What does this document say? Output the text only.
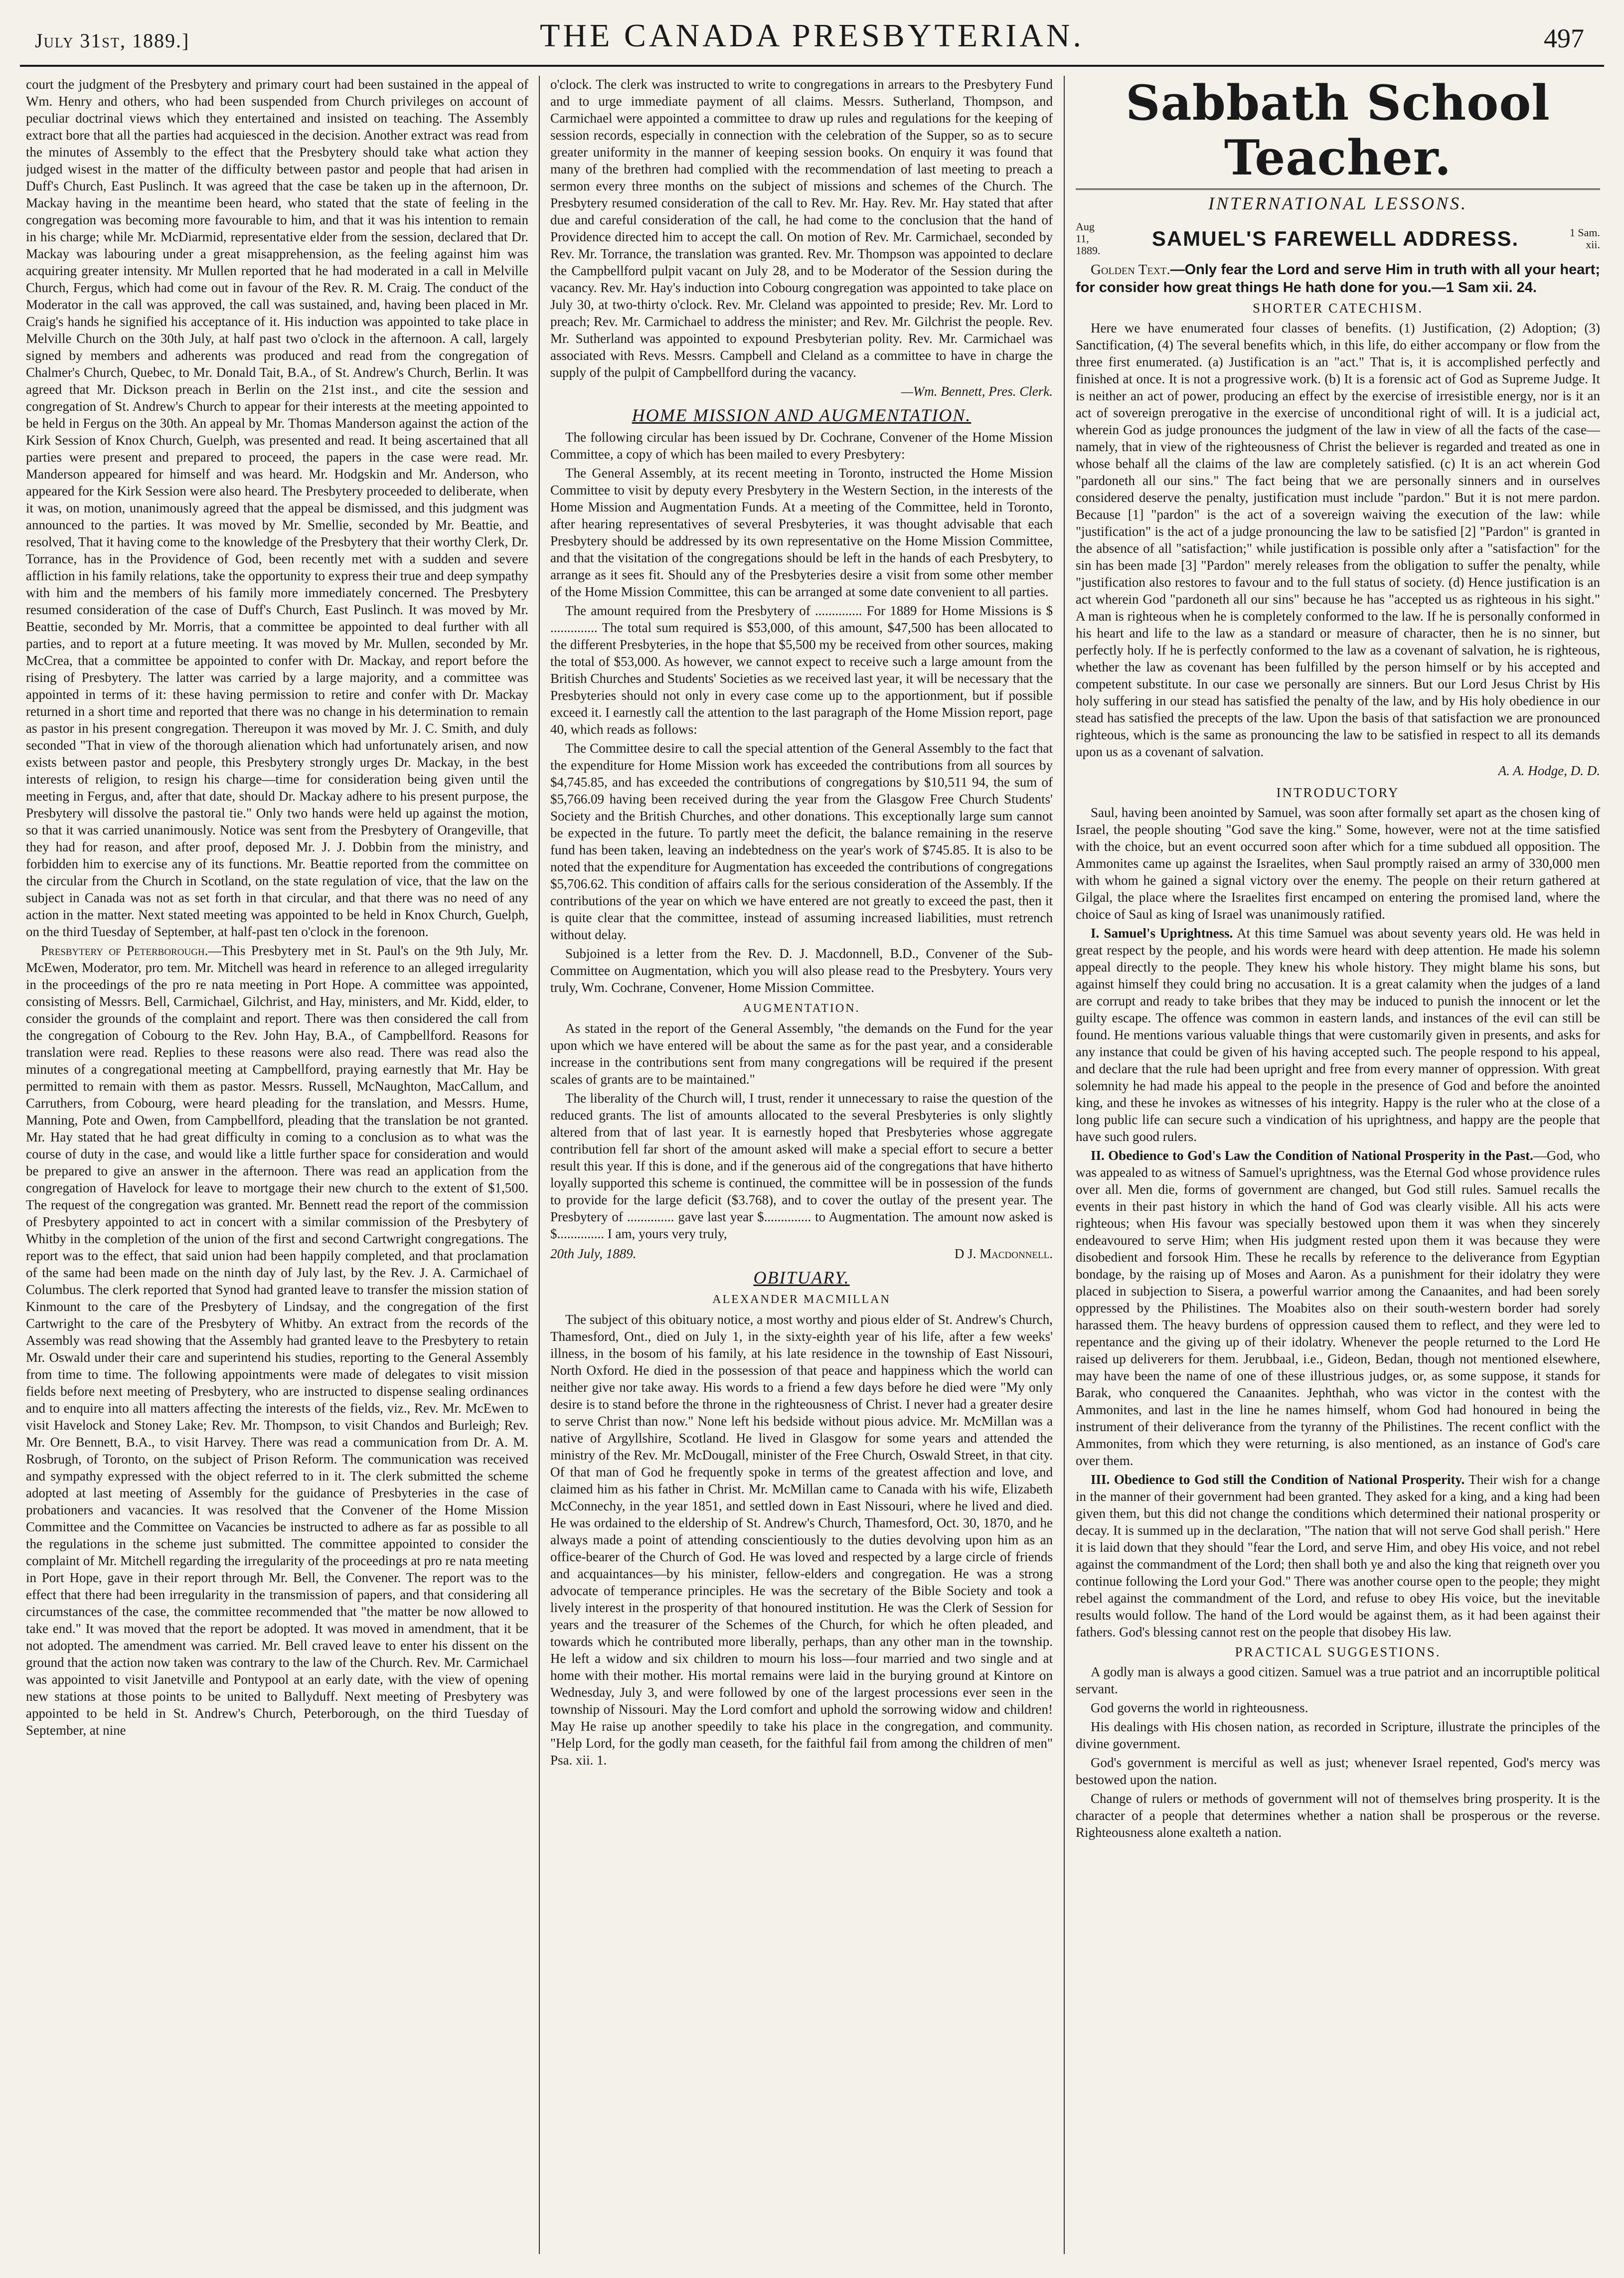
July 31st, 1889.]	THE CANADA PRESBYTERIAN.	497

court the judgment of the Presbytery and primary court had been sustained in the appeal of Wm. Henry and others, who had been suspended from Church privileges on account of peculiar doctrinal views which they entertained and insisted on teaching. The Assembly extract bore that all the parties had acquiesced in the decision. Another extract was read from the minutes of Assembly to the effect that the Presbytery should take what action they judged wisest in the matter of the difficulty between pastor and people that had arisen in Duff's Church, East Puslinch. It was agreed that the case be taken up in the afternoon, Dr. Mackay having in the meantime been heard, who stated that the state of feeling in the congregation was becoming more favourable to him, and that it was his intention to remain in his charge; while Mr. McDiarmid, representative elder from the session, declared that Dr. Mackay was labouring under a great misapprehension, as the feeling against him was acquiring greater intensity. Mr Mullen reported that he had moderated in a call in Melville Church, Fergus, which had come out in favour of the Rev. R. M. Craig. The conduct of the Moderator in the call was approved, the call was sustained, and, having been placed in Mr. Craig's hands he signified his acceptance of it. His induction was appointed to take place in Melville Church on the 30th July, at half past two o'clock in the afternoon. A call, largely signed by members and adherents was produced and read from the congregation of Chalmer's Church, Quebec, to Mr. Donald Tait, B.A., of St. Andrew's Church, Berlin. It was agreed that Mr. Dickson preach in Berlin on the 21st inst., and cite the session and congregation of St. Andrew's Church to appear for their interests at the meeting appointed to be held in Fergus on the 30th. An appeal by Mr. Thomas Manderson against the action of the Kirk Session of Knox Church, Guelph, was presented and read. It being ascertained that all parties were present and prepared to proceed, the papers in the case were read. Mr. Manderson appeared for himself and was heard. Mr. Hodgskin and Mr. Anderson, who appeared for the Kirk Session were also heard. The Presbytery proceeded to deliberate, when it was, on motion, unanimously agreed that the appeal be dismissed, and this judgment was announced to the parties. It was moved by Mr. Smellie, seconded by Mr. Beattie, and resolved, That it having come to the knowledge of the Presbytery that their worthy Clerk, Dr. Torrance, has in the Providence of God, been recently met with a sudden and severe affliction in his family relations, take the opportunity to express their true and deep sympathy with him and the members of his family more immediately concerned. The Presbytery resumed consideration of the case of Duff's Church, East Puslinch. It was moved by Mr. Beattie, seconded by Mr. Morris, that a committee be appointed to deal further with all parties, and to report at a future meeting. It was moved by Mr. Mullen, seconded by Mr. McCrea, that a committee be appointed to confer with Dr. Mackay, and report before the rising of Presbytery. The latter was carried by a large majority, and a committee was appointed in terms of it: these having permission to retire and confer with Dr. Mackay returned in a short time and reported that there was no change in his determination to remain as pastor in his present congregation. Thereupon it was moved by Mr. J. C. Smith, and duly seconded "That in view of the thorough alienation which had unfortunately arisen, and now exists between pastor and people, this Presbytery strongly urges Dr. Mackay, in the best interests of religion, to resign his charge—time for consideration being given until the meeting in Fergus, and, after that date, should Dr. Mackay adhere to his present purpose, the Presbytery will dissolve the pastoral tie." Only two hands were held up against the motion, so that it was carried unanimously. Notice was sent from the Presbytery of Orangeville, that they had for reason, and after proof, deposed Mr. J. J. Dobbin from the ministry, and forbidden him to exercise any of its functions. Mr. Beattie reported from the committee on the circular from the Church in Scotland, on the state regulation of vice, that the law on the subject in Canada was not as set forth in that circular, and that there was no need of any action in the matter. Next stated meeting was appointed to be held in Knox Church, Guelph, on the third Tuesday of September, at half-past ten o'clock in the forenoon.

Presbytery of Peterborough.—This Presbytery met in St. Paul's on the 9th July, Mr. McEwen, Moderator, pro tem. Mr. Mitchell was heard in reference to an alleged irregularity in the proceedings of the pro re nata meeting in Port Hope. A committee was appointed, consisting of Messrs. Bell, Carmichael, Gilchrist, and Hay, ministers, and Mr. Kidd, elder, to consider the grounds of the complaint and report. There was then considered the call from the congregation of Cobourg to the Rev. John Hay, B.A., of Campbellford. Reasons for translation were read. Replies to these reasons were also read. There was read also the minutes of a congregational meeting at Campbellford, praying earnestly that Mr. Hay be permitted to remain with them as pastor. Messrs. Russell, McNaughton, MacCallum, and Carruthers, from Cobourg, were heard pleading for the translation, and Messrs. Hume, Manning, Pote and Owen, from Campbellford, pleading that the translation be not granted. Mr. Hay stated that he had great difficulty in coming to a conclusion as to what was the course of duty in the case, and would like a little further space for consideration and would be prepared to give an answer in the afternoon. There was read an application from the congregation of Havelock for leave to mortgage their new church to the extent of $1,500. The request of the congregation was granted. Mr. Bennett read the report of the commission of Presbytery appointed to act in concert with a similar commission of the Presbytery of Whitby in the completion of the union of the first and second Cartwright congregations. The report was to the effect, that said union had been happily completed, and that proclamation of the same had been made on the ninth day of July last, by the Rev. J. A. Carmichael of Columbus. The clerk reported that Synod had granted leave to transfer the mission station of Kinmount to the care of the Presbytery of Lindsay, and the congregation of the first Cartwright to the care of the Presbytery of Whitby. An extract from the records of the Assembly was read showing that the Assembly had granted leave to the Presbytery to retain Mr. Oswald under their care and superintend his studies, reporting to the General Assembly from time to time. The following appointments were made of delegates to visit mission fields before next meeting of Presbytery, who are instructed to dispense sealing ordinances and to enquire into all matters affecting the interests of the fields, viz., Rev. Mr. McEwen to visit Havelock and Stoney Lake; Rev. Mr. Thompson, to visit Chandos and Burleigh; Rev. Mr. Ore Bennett, B.A., to visit Harvey. There was read a communication from Dr. A. M. Rosbrugh, of Toronto, on the subject of Prison Reform. The communication was received and sympathy expressed with the object referred to in it. The clerk submitted the scheme adopted at last meeting of Assembly for the guidance of Presbyteries in the case of probationers and vacancies. It was resolved that the Convener of the Home Mission Committee and the Committee on Vacancies be instructed to adhere as far as possible to all the regulations in the scheme just submitted. The committee appointed to consider the complaint of Mr. Mitchell regarding the irregularity of the proceedings at pro re nata meeting in Port Hope, gave in their report through Mr. Bell, the Convener. The report was to the effect that there had been irregularity in the transmission of papers, and that considering all circumstances of the case, the committee recommended that "the matter be now allowed to take end." It was moved that the report be adopted. It was moved in amendment, that it be not adopted. The amendment was carried. Mr. Bell craved leave to enter his dissent on the ground that the action now taken was contrary to the law of the Church. Rev. Mr. Carmichael was appointed to visit Janetville and Pontypool at an early date, with the view of opening new stations at those points to be united to Ballyduff. Next meeting of Presbytery was appointed to be held in St. Andrew's Church, Peterborough, on the third Tuesday of September, at nine

o'clock. The clerk was instructed to write to congregations in arrears to the Presbytery Fund and to urge immediate payment of all claims. Messrs. Sutherland, Thompson, and Carmichael were appointed a committee to draw up rules and regulations for the keeping of session records, especially in connection with the celebration of the Supper, so as to secure greater uniformity in the manner of keeping session books. On enquiry it was found that many of the brethren had complied with the recommendation of last meeting to preach a sermon every three months on the subject of missions and schemes of the Church. The Presbytery resumed consideration of the call to Rev. Mr. Hay. Rev. Mr. Hay stated that after due and careful consideration of the call, he had come to the conclusion that the hand of Providence directed him to accept the call. On motion of Rev. Mr. Carmichael, seconded by Rev. Mr. Torrance, the translation was granted. Rev. Mr. Thompson was appointed to declare the Campbellford pulpit vacant on July 28, and to be Moderator of the Session during the vacancy. Rev. Mr. Hay's induction into Cobourg congregation was appointed to take place on July 30, at two-thirty o'clock. Rev. Mr. Cleland was appointed to preside; Rev. Mr. Lord to preach; Rev. Mr. Carmichael to address the minister; and Rev. Mr. Gilchrist the people. Rev. Mr. Sutherland was appointed to expound Presbyterian polity. Rev. Mr. Carmichael was associated with Revs. Messrs. Campbell and Cleland as a committee to have in charge the supply of the pulpit of Campbellford during the vacancy.

—Wm. Bennett, Pres. Clerk.
HOME MISSION AND AUGMENTATION.

The following circular has been issued by Dr. Cochrane, Convener of the Home Mission Committee, a copy of which has been mailed to every Presbytery:

The General Assembly, at its recent meeting in Toronto, instructed the Home Mission Committee to visit by deputy every Presbytery in the Western Section, in the interests of the Home Mission and Augmentation Funds. At a meeting of the Committee, held in Toronto, after hearing representatives of several Presbyteries, it was thought advisable that each Presbytery should be addressed by its own representative on the Home Mission Committee, and that the visitation of the congregations should be left in the hands of each Presbytery, to arrange as it sees fit. Should any of the Presbyteries desire a visit from some other member of the Home Mission Committee, this can be arranged at some date convenient to all parties.

The amount required from the Presbytery of .............. For 1889 for Home Missions is $ .............. The total sum required is $53,000, of this amount, $47,500 has been allocated to the different Presbyteries, in the hope that $5,500 my be received from other sources, making the total of $53,000. As however, we cannot expect to receive such a large amount from the British Churches and Students' Societies as we received last year, it will be necessary that the Presbyteries should not only in every case come up to the apportionment, but if possible exceed it. I earnestly call the attention to the last paragraph of the Home Mission report, page 40, which reads as follows:

The Committee desire to call the special attention of the General Assembly to the fact that the expenditure for Home Mission work has exceeded the contributions from all sources by $4,745.85, and has exceeded the contributions of congregations by $10,511 94, the sum of $5,766.09 having been received during the year from the Glasgow Free Church Students' Society and the British Churches, and other donations. This exceptionally large sum cannot be expected in the future. To partly meet the deficit, the balance remaining in the reserve fund has been taken, leaving an indebtedness on the year's work of $745.85. It is also to be noted that the expenditure for Augmentation has exceeded the contributions of congregations $5,706.62. This condition of affairs calls for the serious consideration of the Assembly. If the contributions of the year on which we have entered are not greatly to exceed the past, then it is quite clear that the committee, instead of assuming increased liabilities, must retrench without delay.

Subjoined is a letter from the Rev. D. J. Macdonnell, B.D., Convener of the Sub-Committee on Augmentation, which you will also please read to the Presbytery. Yours very truly, Wm. Cochrane, Convener, Home Mission Committee.

AUGMENTATION.

As stated in the report of the General Assembly, "the demands on the Fund for the year upon which we have entered will be about the same as for the past year, and a considerable increase in the contributions sent from many congregations will be required if the present scales of grants are to be maintained."

The liberality of the Church will, I trust, render it unnecessary to raise the question of the reduced grants. The list of amounts allocated to the several Presbyteries is only slightly altered from that of last year. It is earnestly hoped that Presbyteries whose aggregate contribution fell far short of the amount asked will make a special effort to secure a better result this year. If this is done, and if the generous aid of the congregations that have hitherto loyally supported this scheme is continued, the committee will be in possession of the funds to provide for the large deficit ($3.768), and to cover the outlay of the present year. The Presbytery of .............. gave last year $.............. to Augmentation. The amount now asked is $.............. I am, yours very truly,

20th July, 1889.	D J. Macdonnell.
OBITUARY.
ALEXANDER MACMILLAN

The subject of this obituary notice, a most worthy and pious elder of St. Andrew's Church, Thamesford, Ont., died on July 1, in the sixty-eighth year of his life, after a few weeks' illness, in the bosom of his family, at his late residence in the township of East Nissouri, North Oxford. He died in the possession of that peace and happiness which the world can neither give nor take away. His words to a friend a few days before he died were "My only desire is to stand before the throne in the righteousness of Christ. I never had a greater desire to serve Christ than now." None left his bedside without pious advice. Mr. McMillan was a native of Argyllshire, Scotland. He lived in Glasgow for some years and attended the ministry of the Rev. Mr. McDougall, minister of the Free Church, Oswald Street, in that city. Of that man of God he frequently spoke in terms of the greatest affection and love, and claimed him as his father in Christ. Mr. McMillan came to Canada with his wife, Elizabeth McConnechy, in the year 1851, and settled down in East Nissouri, where he lived and died. He was ordained to the eldership of St. Andrew's Church, Thamesford, Oct. 30, 1870, and he always made a point of attending conscientiously to the duties devolving upon him as an office-bearer of the Church of God. He was loved and respected by a large circle of friends and acquaintances—by his minister, fellow-elders and congregation. He was a strong advocate of temperance principles. He was the secretary of the Bible Society and took a lively interest in the prosperity of that honoured institution. He was the Clerk of Session for years and the treasurer of the Schemes of the Church, for which he often pleaded, and towards which he contributed more liberally, perhaps, than any other man in the township. He left a widow and six children to mourn his loss—four married and two single and at home with their mother. His mortal remains were laid in the burying ground at Kintore on Wednesday, July 3, and were followed by one of the largest processions ever seen in the township of Nissouri. May the Lord comfort and uphold the sorrowing widow and children! May He raise up another speedily to take his place in the congregation, and community. "Help Lord, for the godly man ceaseth, for the faithful fail from among the children of men" Psa. xii. 1.

Sabbath School Teacher.
INTERNATIONAL LESSONS.
Aug 11, 1889.
SAMUEL'S FAREWELL ADDRESS.	1 Sam. xii.

Golden Text.—Only fear the Lord and serve Him in truth with all your heart; for consider how great things He hath done for you.—1 Sam xii. 24.

SHORTER CATECHISM.

Here we have enumerated four classes of benefits. (1) Justification, (2) Adoption; (3) Sanctification, (4) The several benefits which, in this life, do either accompany or flow from the three first enumerated. (a) Justification is an "act." That is, it is accomplished perfectly and finished at once. It is not a progressive work. (b) It is a forensic act of God as Supreme Judge. It is neither an act of power, producing an effect by the exercise of irresistible energy, nor is it an act of sovereign prerogative in the exercise of unconditional right of will. It is a judicial act, wherein God as judge pronounces the judgment of the law in view of all the facts of the case—namely, that in view of the righteousness of Christ the believer is regarded and treated as one in whose behalf all the claims of the law are completely satisfied. (c) It is an act wherein God "pardoneth all our sins." The fact being that we are personally sinners and in ourselves considered deserve the penalty, justification must include "pardon." But it is not mere pardon. Because [1] "pardon" is the act of a sovereign waiving the execution of the law: while "justification" is the act of a judge pronouncing the law to be satisfied [2] "Pardon" is granted in the absence of all "satisfaction;" while justification is possible only after a "satisfaction" for the sin has been made [3] "Pardon" merely releases from the obligation to suffer the penalty, while "justification also restores to favour and to the full status of society. (d) Hence justification is an act wherein God "pardoneth all our sins" because he has "accepted us as righteous in his sight." A man is righteous when he is completely conformed to the law. If he is personally conformed in his heart and life to the law as a standard or measure of character, then he is no sinner, but perfectly holy. If he is perfectly conformed to the law as a covenant of salvation, he is righteous, whether the law as covenant has been fulfilled by the person himself or by his accepted and competent substitute. In our case we personally are sinners. But our Lord Jesus Christ by His holy suffering in our stead has satisfied the penalty of the law, and by His holy obedience in our stead has satisfied the precepts of the law. Upon the basis of that satisfaction we are pronounced righteous, which is the same as pronouncing the law to be satisfied in respect to all its demands upon us as a covenant of salvation.

A. A. Hodge, D. D.
INTRODUCTORY

Saul, having been anointed by Samuel, was soon after formally set apart as the chosen king of Israel, the people shouting "God save the king." Some, however, were not at the time satisfied with the choice, but an event occurred soon after which for a time subdued all opposition. The Ammonites came up against the Israelites, when Saul promptly raised an army of 330,000 men with whom he gained a signal victory over the enemy. The people on their return gathered at Gilgal, the place where the Israelites first encamped on entering the promised land, where the choice of Saul as king of Israel was unanimously ratified.

I. Samuel's Uprightness. At this time Samuel was about seventy years old. He was held in great respect by the people, and his words were heard with deep attention. He made his solemn appeal directly to the people. They knew his whole history. They might blame his sons, but against himself they could bring no accusation. It is a great calamity when the judges of a land are corrupt and ready to take bribes that they may be induced to punish the innocent or let the guilty escape. The offence was common in eastern lands, and instances of the evil can still be found. He mentions various valuable things that were customarily given in presents, and asks for any instance that could be given of his having accepted such. The people respond to his appeal, and declare that the rule had been upright and free from every manner of oppression. With great solemnity he had made his appeal to the people in the presence of God and before the anointed king, and these he invokes as witnesses of his integrity. Happy is the ruler who at the close of a long public life can secure such a vindication of his uprightness, and happy are the people that have such good rulers.

II. Obedience to God's Law the Condition of National Prosperity in the Past.—God, who was appealed to as witness of Samuel's uprightness, was the Eternal God whose providence rules over all. Men die, forms of government are changed, but God still rules. Samuel recalls the events in their past history in which the hand of God was clearly visible. All his acts were righteous; when His favour was specially bestowed upon them it was when they sincerely endeavoured to serve Him; when His judgment rested upon them it was because they were disobedient and forsook Him. These he recalls by reference to the deliverance from Egyptian bondage, by the raising up of Moses and Aaron. As a punishment for their idolatry they were placed in subjection to Sisera, a powerful warrior among the Canaanites, and had been sorely oppressed by the Philistines. The Moabites also on their south-western border had sorely harassed them. The heavy burdens of oppression caused them to reflect, and they were led to repentance and the giving up of their idolatry. Whenever the people returned to the Lord He raised up deliverers for them. Jerubbaal, i.e., Gideon, Bedan, though not mentioned elsewhere, may have been the name of one of these illustrious judges, or, as some suppose, it stands for Barak, who conquered the Canaanites. Jephthah, who was victor in the contest with the Ammonites, and last in the line he names himself, whom God had honoured in being the instrument of their deliverance from the tyranny of the Philistines. The recent conflict with the Ammonites, from which they were returning, is also mentioned, as an instance of God's care over them.

III. Obedience to God still the Condition of National Prosperity. Their wish for a change in the manner of their government had been granted. They asked for a king, and a king had been given them, but this did not change the conditions which determined their national prosperity or decay. It is summed up in the declaration, "The nation that will not serve God shall perish." Here it is laid down that they should "fear the Lord, and serve Him, and obey His voice, and not rebel against the commandment of the Lord; then shall both ye and also the king that reigneth over you continue following the Lord your God." There was another course open to the people; they might rebel against the commandment of the Lord, and refuse to obey His voice, but the inevitable results would follow. The hand of the Lord would be against them, as it had been against their fathers. God's blessing cannot rest on the people that disobey His law.

PRACTICAL SUGGESTIONS.

A godly man is always a good citizen. Samuel was a true patriot and an incorruptible political servant.

God governs the world in righteousness.

His dealings with His chosen nation, as recorded in Scripture, illustrate the principles of the divine government.

God's government is merciful as well as just; whenever Israel repented, God's mercy was bestowed upon the nation.

Change of rulers or methods of government will not of themselves bring prosperity. It is the character of a people that determines whether a nation shall be prosperous or the reverse. Righteousness alone exalteth a nation.
